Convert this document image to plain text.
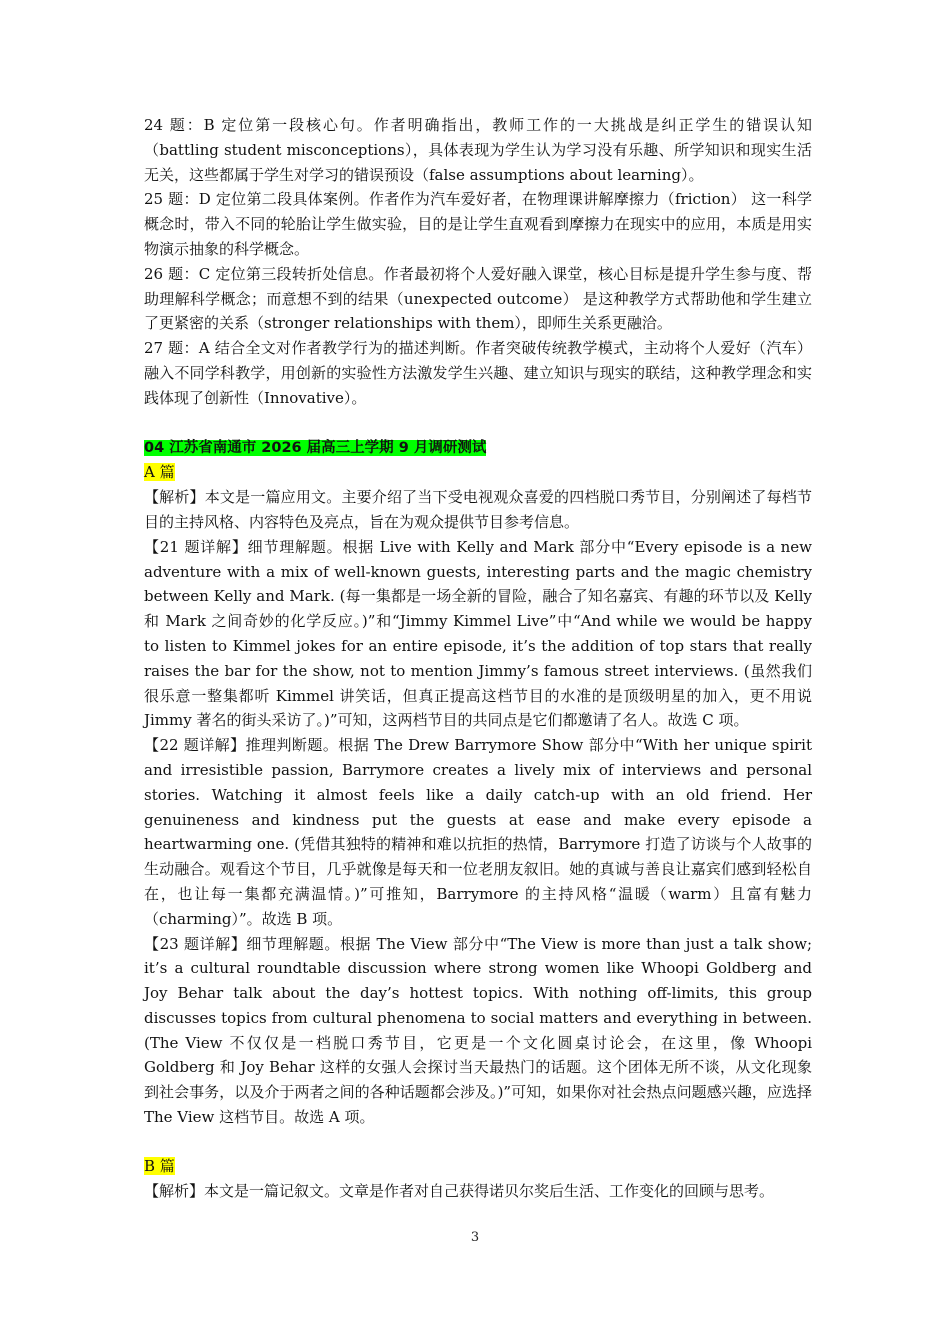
24 题：B 定位第一段核心句。作者明确指出，教师工作的一大挑战是纠正学生的错误认知（battling student misconceptions），具体表现为学生认为学习没有乐趣、所学知识和现实生活无关，这些都属于学生对学习的错误预设（false assumptions about learning）。

25 题：D 定位第二段具体案例。作者作为汽车爱好者，在物理课讲解摩擦力（friction） 这一科学概念时，带入不同的轮胎让学生做实验，目的是让学生直观看到摩擦力在现实中的应用，本质是用实物演示抽象的科学概念。

26 题：C 定位第三段转折处信息。作者最初将个人爱好融入课堂，核心目标是提升学生参与度、帮助理解科学概念；而意想不到的结果（unexpected outcome） 是这种教学方式帮助他和学生建立了更紧密的关系（stronger relationships with them），即师生关系更融洽。

27 题：A 结合全文对作者教学行为的描述判断。作者突破传统教学模式，主动将个人爱好（汽车）融入不同学科教学，用创新的实验性方法激发学生兴趣、建立知识与现实的联结，这种教学理念和实践体现了创新性（Innovative）。

04 江苏省南通市 2026 届高三上学期 9 月调研测试

A 篇

【解析】本文是一篇应用文。主要介绍了当下受电视观众喜爱的四档脱口秀节目，分别阐述了每档节目的主持风格、内容特色及亮点，旨在为观众提供节目参考信息。

【21 题详解】细节理解题。根据 Live with Kelly and Mark 部分中“Every episode is a new adventure with a mix of well-known guests, interesting parts and the magic chemistry between Kelly and Mark. (每一集都是一场全新的冒险，融合了知名嘉宾、有趣的环节以及 Kelly 和 Mark 之间奇妙的化学反应。)”和“Jimmy Kimmel Live”中“And while we would be happy to listen to Kimmel jokes for an entire episode, it’s the addition of top stars that really raises the bar for the show, not to mention Jimmy’s famous street interviews. (虽然我们很乐意一整集都听 Kimmel 讲笑话，但真正提高这档节目的水准的是顶级明星的加入，更不用说 Jimmy 著名的街头采访了。)”可知，这两档节目的共同点是它们都邀请了名人。故选 C 项。

【22 题详解】推理判断题。根据 The Drew Barrymore Show 部分中“With her unique spirit and irresistible passion, Barrymore creates a lively mix of interviews and personal stories. Watching it almost feels like a daily catch-up with an old friend. Her genuineness and kindness put the guests at ease and make every episode a heartwarming one. (凭借其独特的精神和难以抗拒的热情，Barrymore 打造了访谈与个人故事的生动融合。观看这个节目，几乎就像是每天和一位老朋友叙旧。她的真诚与善良让嘉宾们感到轻松自在，也让每一集都充满温情。)”可推知，Barrymore 的主持风格“温暖（warm）且富有魅力（charming）”。故选 B 项。

【23 题详解】细节理解题。根据 The View 部分中“The View is more than just a talk show; it’s a cultural roundtable discussion where strong women like Whoopi Goldberg and Joy Behar talk about the day’s hottest topics. With nothing off-limits, this group discusses topics from cultural phenomena to social matters and everything in between. (The View 不仅仅是一档脱口秀节目，它更是一个文化圆桌讨论会，在这里，像 Whoopi Goldberg 和 Joy Behar 这样的女强人会探讨当天最热门的话题。这个团体无所不谈，从文化现象到社会事务，以及介于两者之间的各种话题都会涉及。)”可知，如果你对社会热点问题感兴趣，应选择 The View 这档节目。故选 A 项。

B 篇

【解析】本文是一篇记叙文。文章是作者对自己获得诺贝尔奖后生活、工作变化的回顾与思考。

3
